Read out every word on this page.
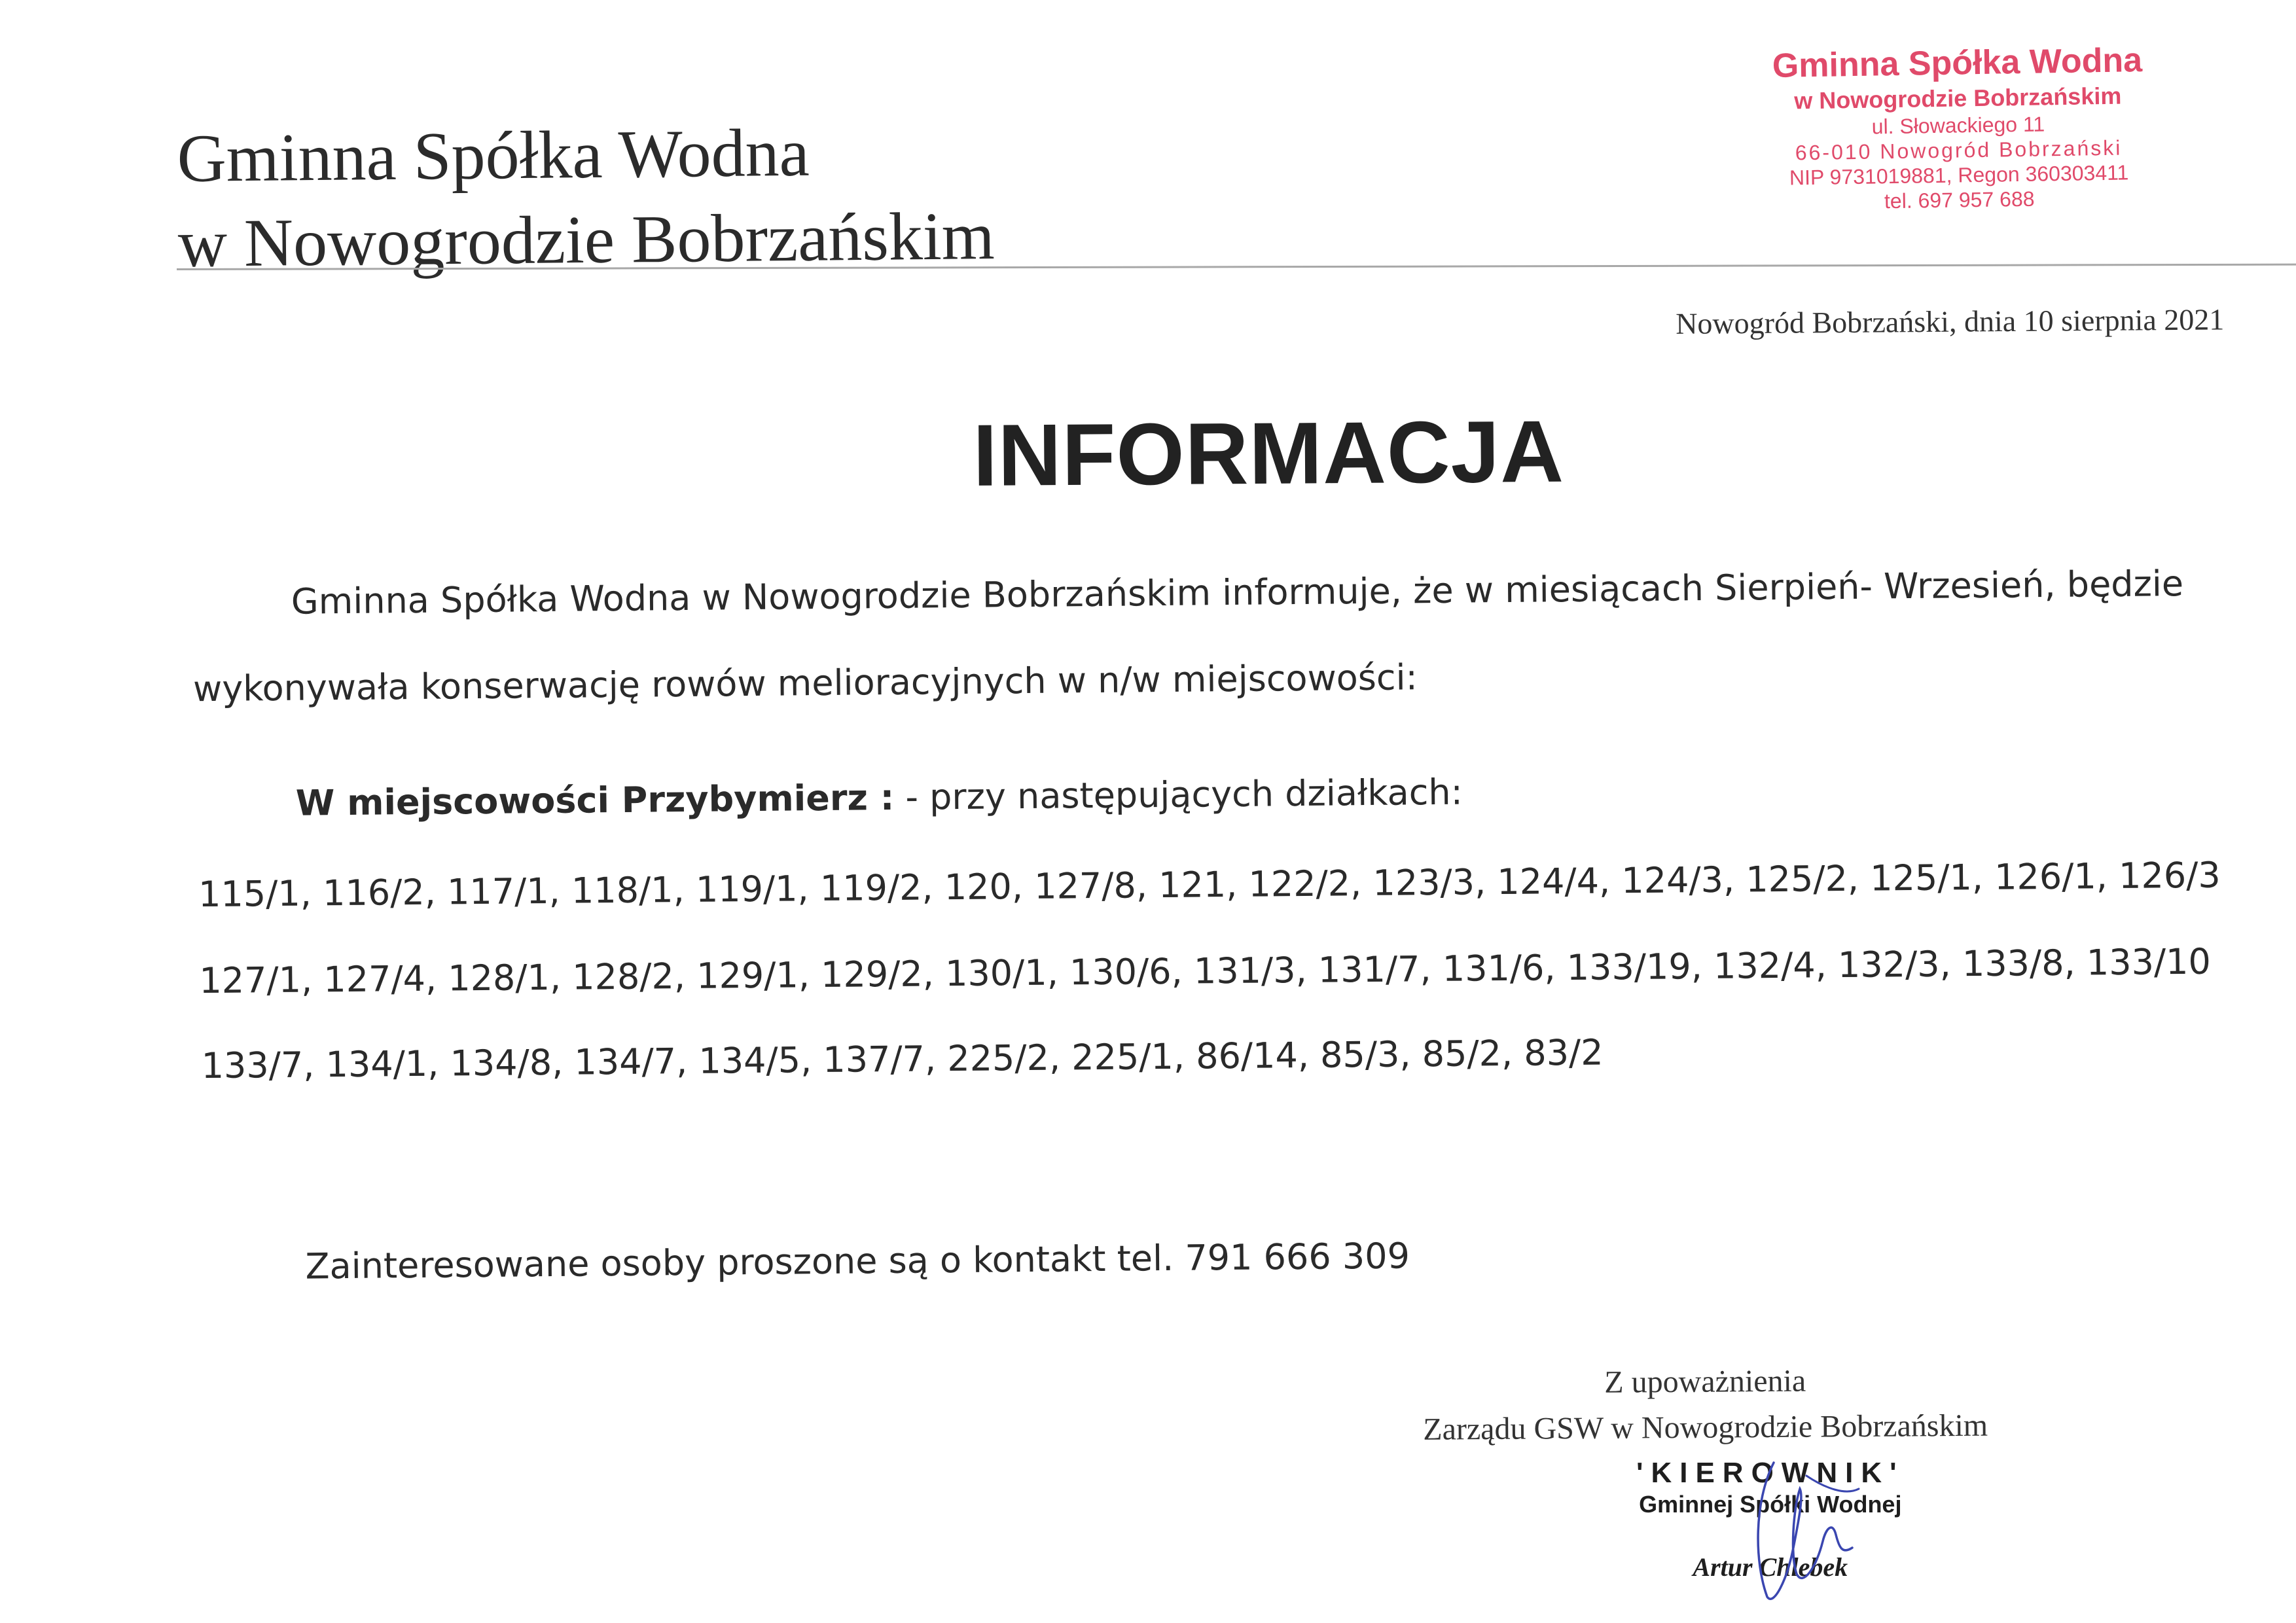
Gminna Spółka Wodna
w Nowogrodzie Bobrzańskim
Gminna Spółka Wodna
w Nowogrodzie Bobrzańskim
ul. Słowackiego 11
66-010 Nowogród Bobrzański
NIP 9731019881, Regon 360303411
tel. 697 957 688
Nowogród Bobrzański, dnia 10 sierpnia 2021
INFORMACJA
Gminna Spółka Wodna w Nowogrodzie Bobrzańskim informuje, że w miesiącach Sierpień- Wrzesień, będzie
wykonywała konserwację rowów melioracyjnych w n/w miejscowości:
W miejscowości Przybymierz : - przy następujących działkach:
115/1, 116/2, 117/1, 118/1, 119/1, 119/2, 120, 127/8, 121, 122/2, 123/3, 124/4, 124/3, 125/2, 125/1, 126/1, 126/3
127/1, 127/4, 128/1, 128/2, 129/1, 129/2, 130/1, 130/6, 131/3, 131/7, 131/6, 133/19, 132/4, 132/3, 133/8, 133/10
133/7, 134/1, 134/8, 134/7, 134/5, 137/7, 225/2, 225/1, 86/14, 85/3, 85/2, 83/2
Zainteresowane osoby proszone są o kontakt tel. 791 666 309
Z upoważnienia
Zarządu GSW w Nowogrodzie Bobrzańskim
'KIEROWNIK'
Gminnej Spółki Wodnej
Artur Chlebek
